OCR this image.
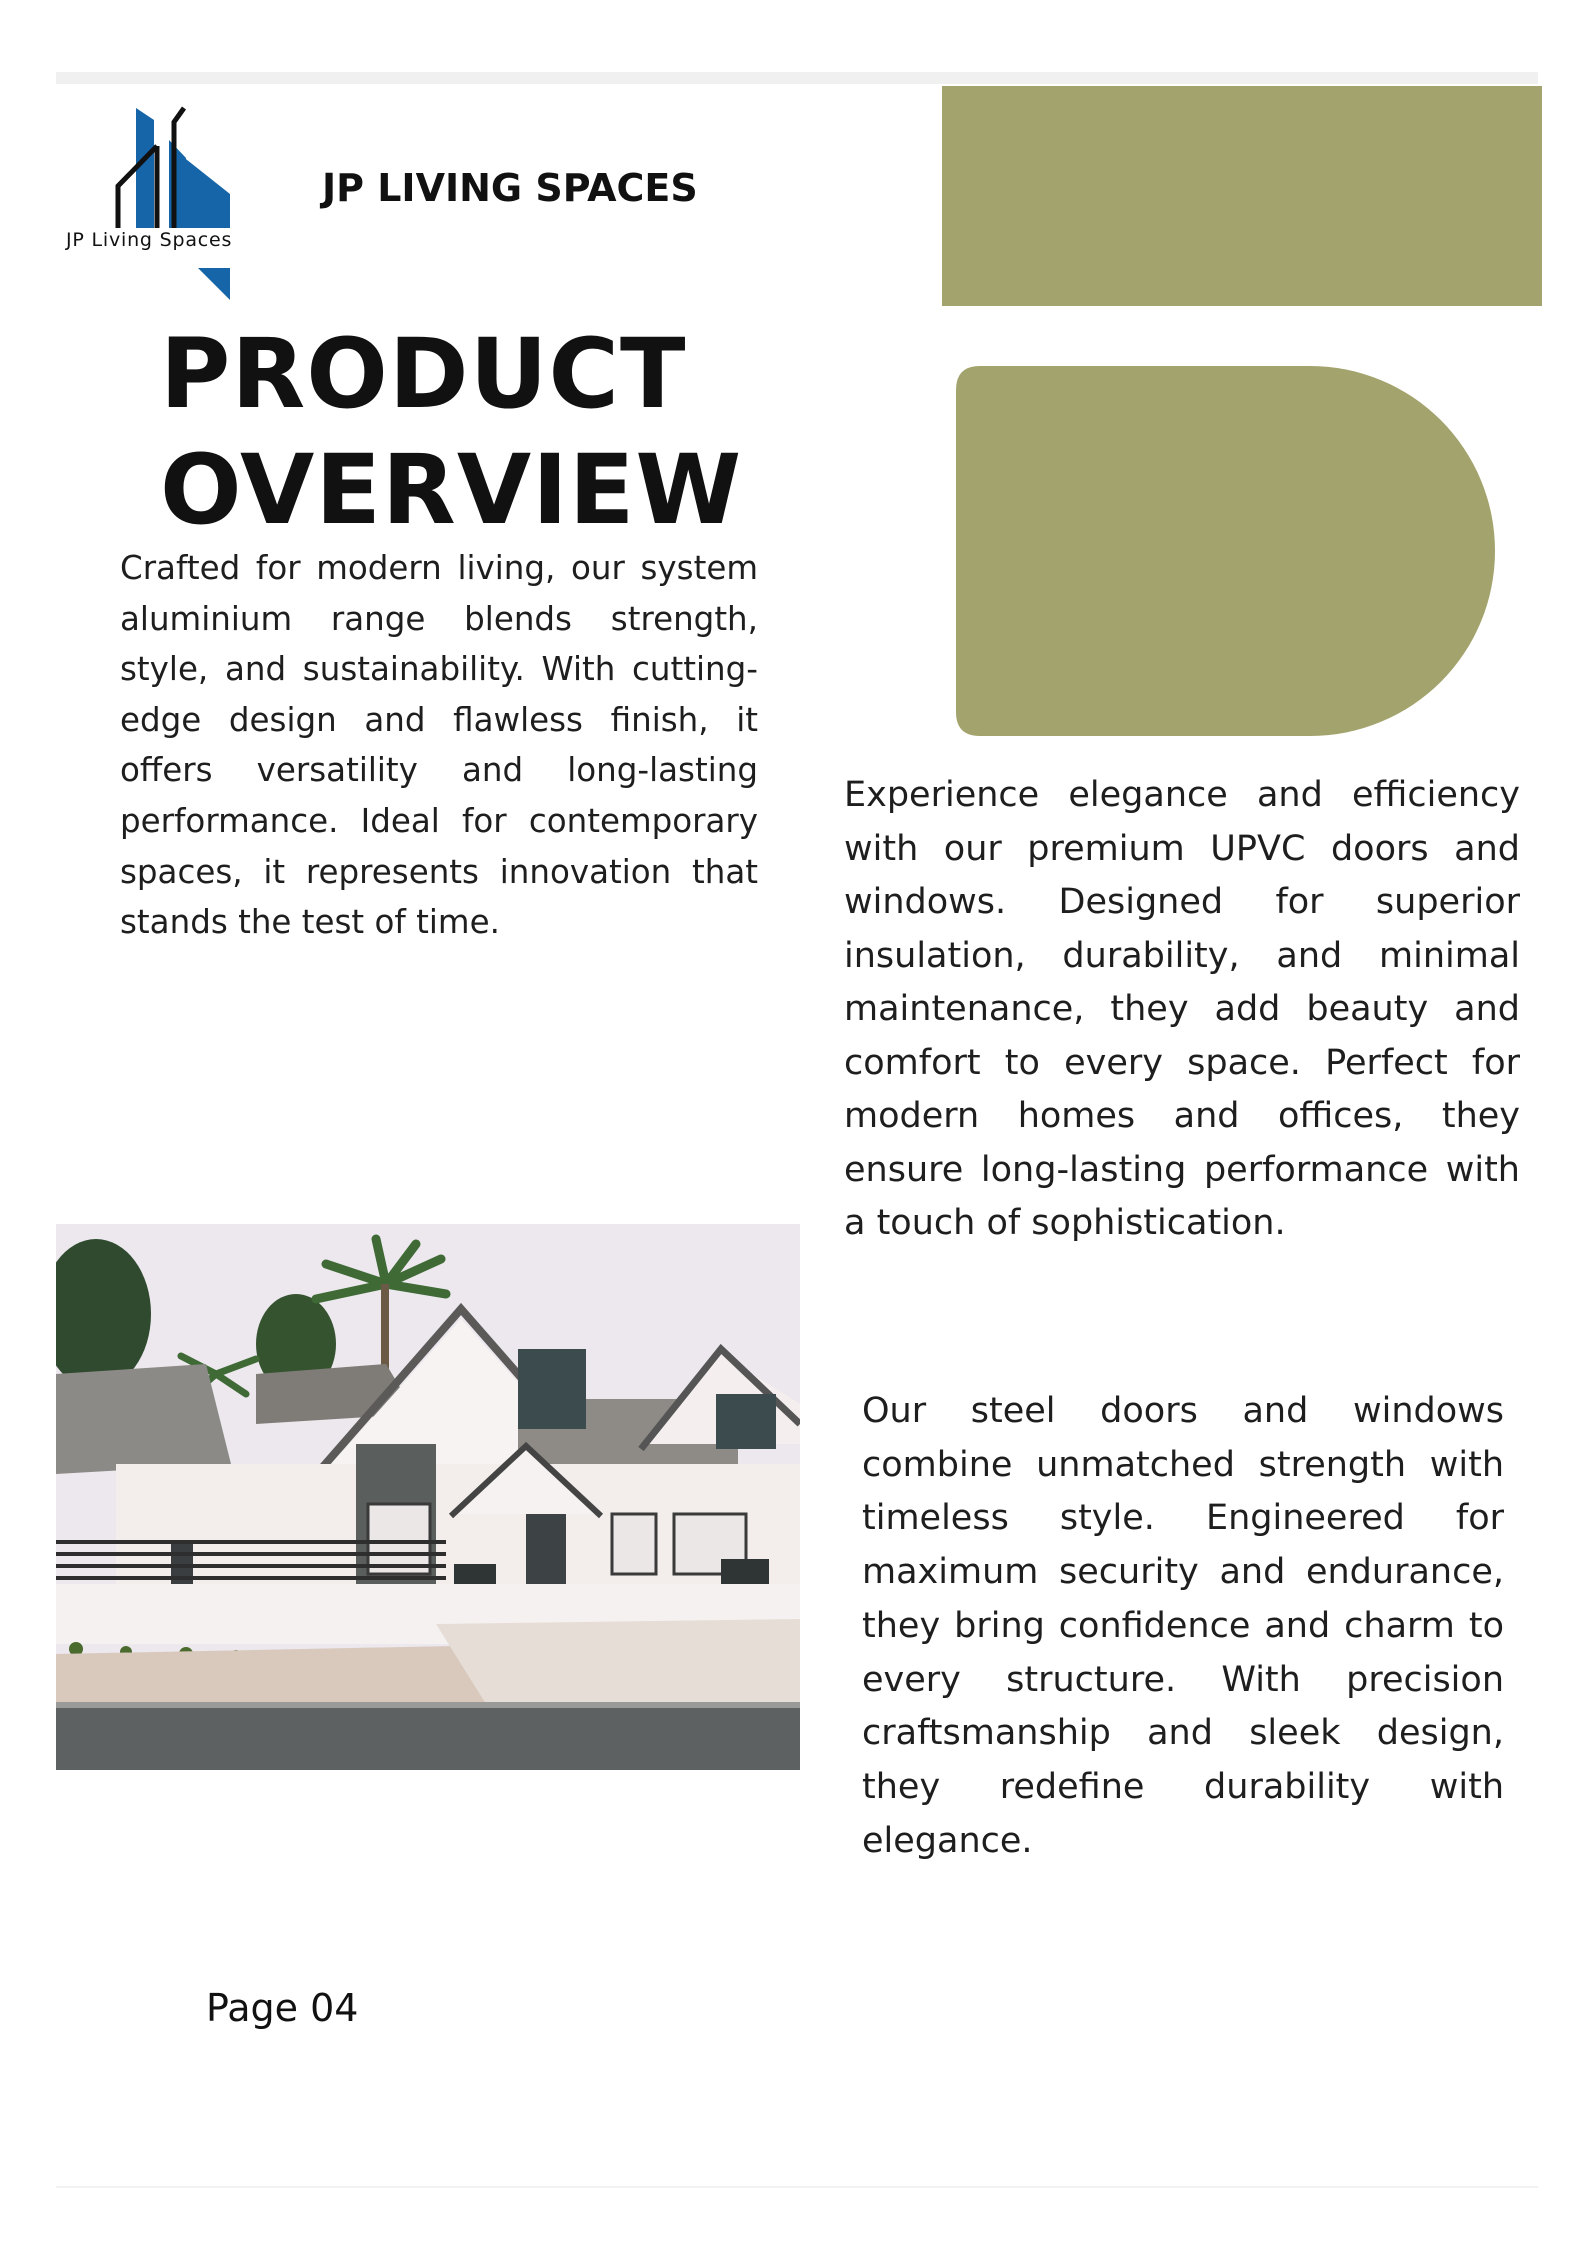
JP Living Spaces
JP LIVING SPACES
PRODUCT
OVERVIEW
Crafted for modern living, our system aluminium range blends strength, style, and sustainability. With cutting-edge design and flawless finish, it offers versatility and long-lasting performance. Ideal for contemporary spaces, it represents innovation that stands the test of time.
Experience elegance and efficiency with our premium UPVC doors and windows. Designed for superior insulation, durability, and minimal maintenance, they add beauty and comfort to every space. Perfect for modern homes and offices, they ensure long-lasting performance with a touch of sophistication.
Our steel doors and windows combine unmatched strength with timeless style. Engineered for maximum security and endurance, they bring confidence and charm to every structure. With precision craftsmanship and sleek design, they redefine durability with elegance.
Page 04
